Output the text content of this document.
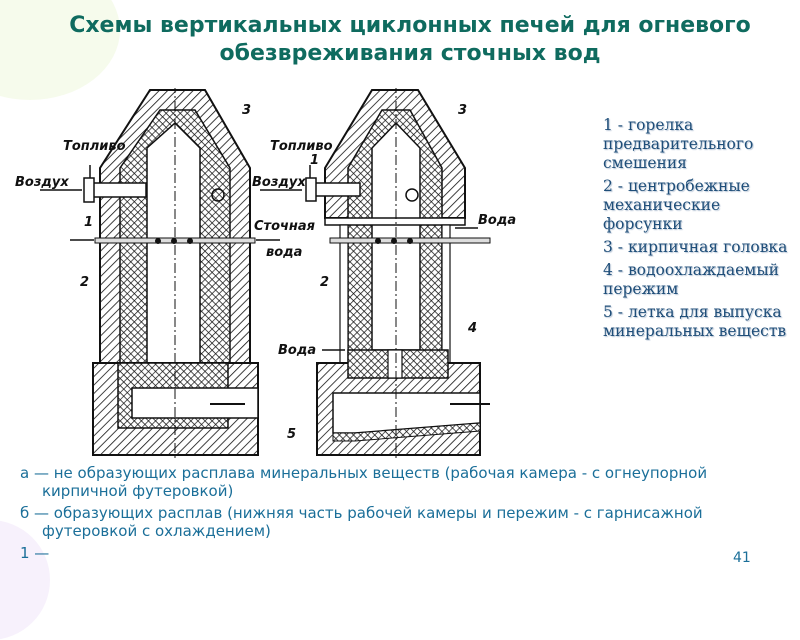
Схемы вертикальных циклонных печей для огневого обезвреживания сточных вод
Топливо
Воздух
1
2
3
Топливо
Воздух
Вода
Вода
1
2
3
4
5
Сточная
вода
1 - горелка предварительного смешения
2 - центробежные механические форсунки
3 - кирпичная головка
4 - водоохлаждаемый пережим
5 - летка для выпуска минеральных веществ
а — не образующих расплава минеральных веществ (рабочая камера - с огнеупорной кирпичной футеровкой)
б — образующих расплав (нижняя часть рабочей камеры и пережим - с гарнисажной футеровкой с охлаждением)
1 —	41
